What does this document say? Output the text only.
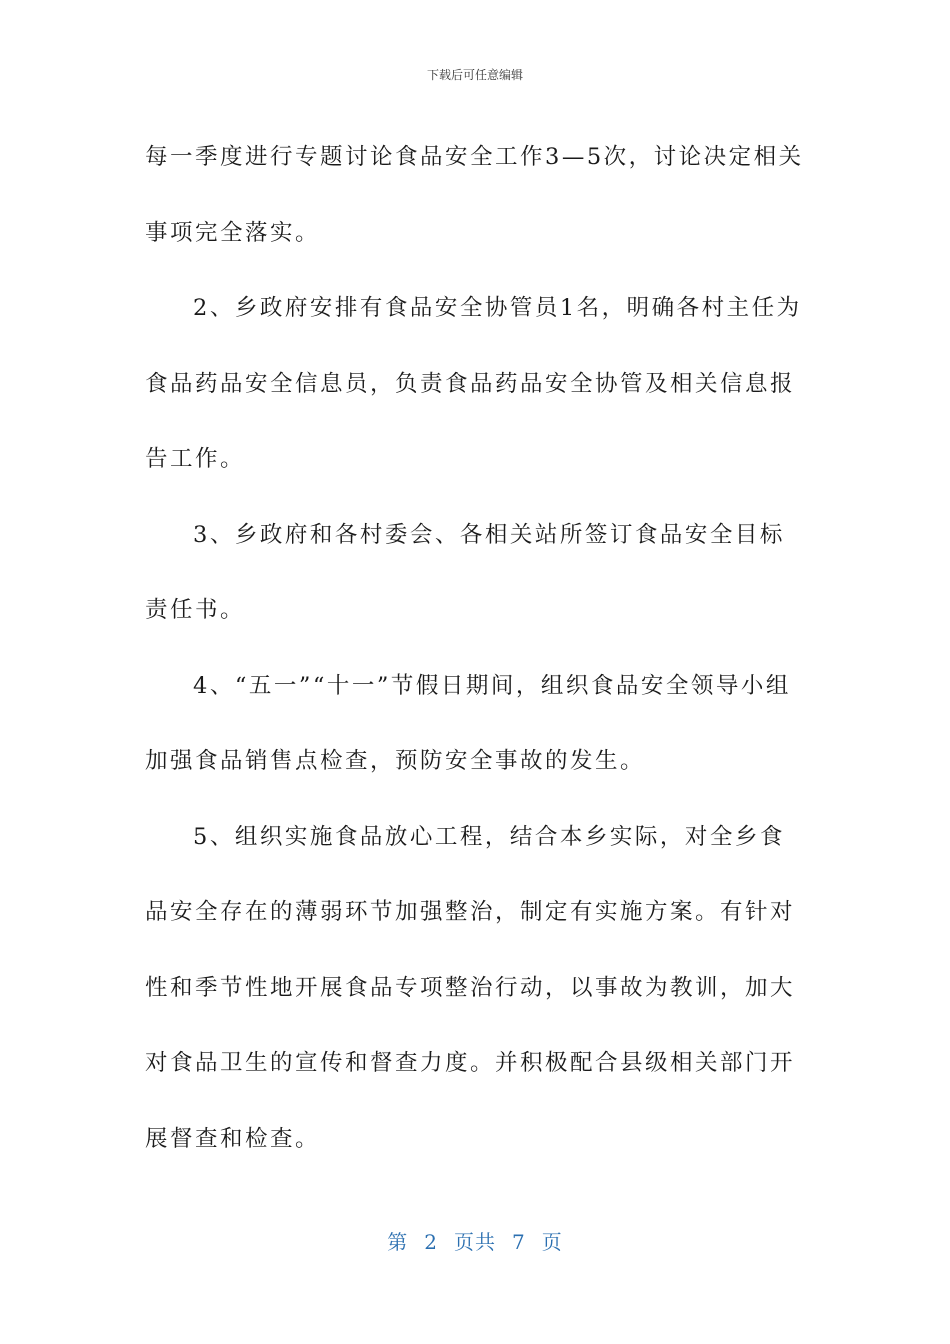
下载后可任意编辑

每一季度进行专题讨论食品安全工作3—5次，讨论决定相关事项完全落实。

2、乡政府安排有食品安全协管员1名，明确各村主任为食品药品安全信息员，负责食品药品安全协管及相关信息报告工作。

3、乡政府和各村委会、各相关站所签订食品安全目标责任书。

4、“五一”“十一”节假日期间，组织食品安全领导小组加强食品销售点检查，预防安全事故的发生。

5、组织实施食品放心工程，结合本乡实际，对全乡食品安全存在的薄弱环节加强整治，制定有实施方案。有针对性和季节性地开展食品专项整治行动，以事故为教训，加大对食品卫生的宣传和督查力度。并积极配合县级相关部门开展督查和检查。

第 2 页共 7 页
